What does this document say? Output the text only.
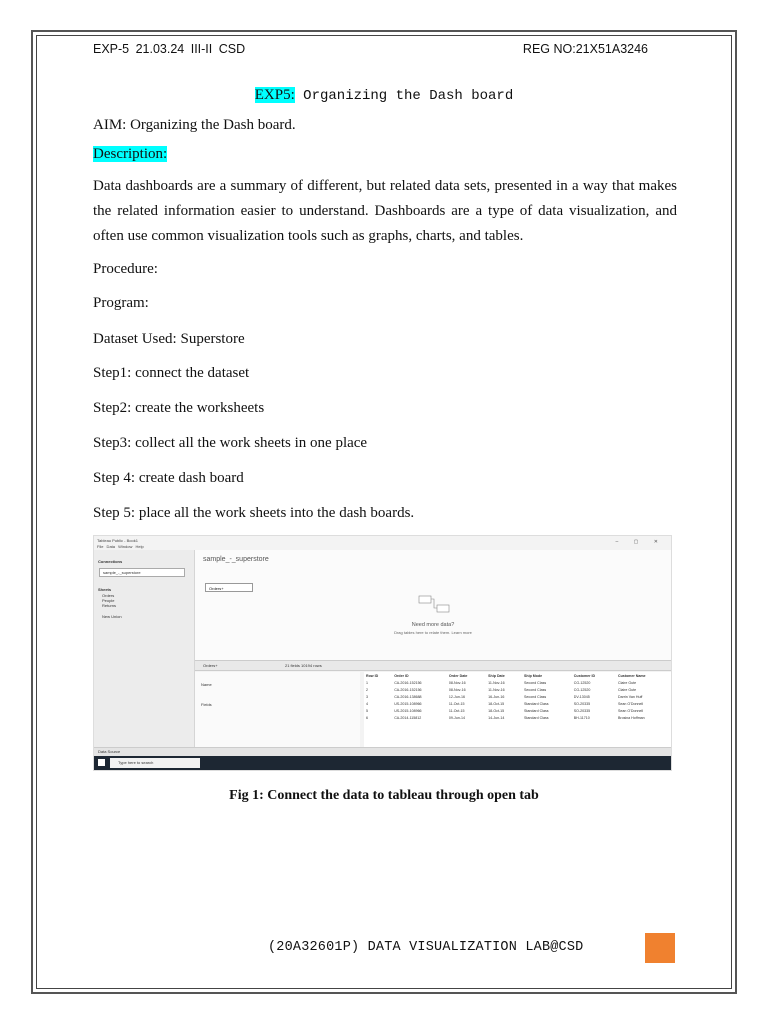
EXP-5 21.03.24 III-II CSD	REG NO:21X51A3246
EXP5: Organizing the Dash board
AIM: Organizing the Dash board.
Description:
Data dashboards are a summary of different, but related data sets, presented in a way that makes the related information easier to understand. Dashboards are a type of data visualization, and often use common visualization tools such as graphs, charts, and tables.
Procedure:
Program:
Dataset Used: Superstore
Step1: connect the dataset
Step2: create the worksheets
Step3: collect all the work sheets in one place
Step 4: create dash board
Step 5: place all the work sheets into the dash boards.
Tableau Public - Book1
File Data Window Help
– ▢ ✕
Connections
sample_-_superstore
Sheets
Orders
People
Returns
New Union
sample_-_superstore
Orders+
Need more data?
Drag tables here to relate them. Learn more
Orders+	21 fields 10194 rows
Name
Fields
Row ID	Order ID	Order Date	Ship Date	Ship Mode	Customer ID	Customer Name
1	CA-2016-152156	08-Nov-16	11-Nov-16	Second Class	CG-12520	Claire Gute
2	CA-2016-152156	08-Nov-16	11-Nov-16	Second Class	CG-12520	Claire Gute
3	CA-2016-138688	12-Jun-16	16-Jun-16	Second Class	DV-13045	Darrin Van Huff
4	US-2015-108966	11-Oct-15	18-Oct-15	Standard Class	SO-20335	Sean O'Donnell
5	US-2015-108966	11-Oct-15	18-Oct-15	Standard Class	SO-20335	Sean O'Donnell
6	CA-2014-115812	09-Jun-14	14-Jun-14	Standard Class	BH-11710	Brosina Hoffman
Data Source
Type here to search
Fig 1: Connect the data to tableau through open tab
(20A32601P) DATA VISUALIZATION LAB@CSD
